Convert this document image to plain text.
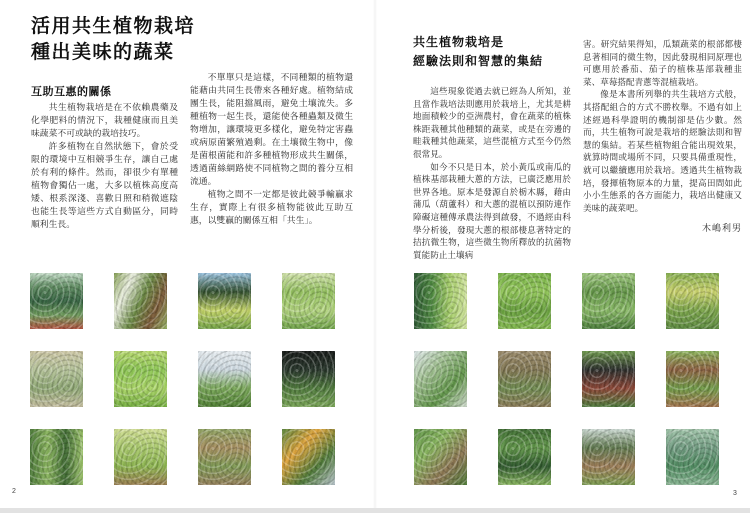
活用共生植物栽培
種出美味的蔬菜
互助互惠的關係

共生植物栽培是在不依賴農藥及化學肥料的情況下，栽種健康而且美味蔬菜不可或缺的栽培技巧。

許多植物在自然狀態下，會於受限的環境中互相競爭生存，讓自己處於有利的條件。然而，卻很少有單種植物會獨佔一處，大多以植株高度高矮、根系深淺、喜歡日照和稍微遮陰也能生長等這些方式自動區分，同時順利生長。

不單單只是這樣，不同種類的植物還能藉由共同生長帶來各種好處。植物結成團生長，能阻擋風雨，避免土壤流失。多種植物一起生長，還能使各種蟲類及微生物增加，讓環境更多樣化，避免特定害蟲或病原菌繁殖過剩。在土壤微生物中，像是菌根菌能和許多種植物形成共生關係，透過菌絲網路使不同植物之間的養分互相流通。

植物之間不一定都是彼此競爭輸贏求生存，實際上有很多植物能彼此互助互惠，以雙贏的關係互相「共生」。

2
共生植物栽培是
經驗法則和智慧的集結

這些現象從過去就已經為人所知，並且當作栽培法則應用於栽培上，尤其是耕地面積較少的亞洲農村，會在蔬菜的植株株距栽種其他種類的蔬菜，或是在旁邊的畦栽種其他蔬菜，這些混植方式至今仍然很常見。

如今不只是日本，於小黃瓜或南瓜的植株基部栽種大蔥的方法，已廣泛應用於世界各地。原本是發源自於栃木縣，藉由蒲瓜（葫蘆科）和大蔥的混植以預防連作障礙這種傳承農法得到啟發，不過經由科學分析後，發現大蔥的根部棲息著特定的拮抗微生物，這些微生物所釋放的抗菌物質能防止土壤病

害。研究結果得知，瓜類蔬菜的根部都棲息著相同的微生物，因此發現相同原理也可應用於番茄、茄子的植株基部栽種韭菜、草莓搭配青蔥等混植栽培。

像是本書所列舉的共生栽培方式般，其搭配組合的方式不勝枚舉。不過有如上述經過科學證明的機制卻是佔少數。然而，共生植物可說是栽培的經驗法則和智慧的集結。若某些植物組合能出現效果，就算時間或場所不同，只要具備重現性，就可以繼續應用於栽培。透過共生植物栽培，發揮植物原本的力量，提高田間如此小小生態系的各方面能力，栽培出健康又美味的蔬菜吧。

木嶋利男
3
